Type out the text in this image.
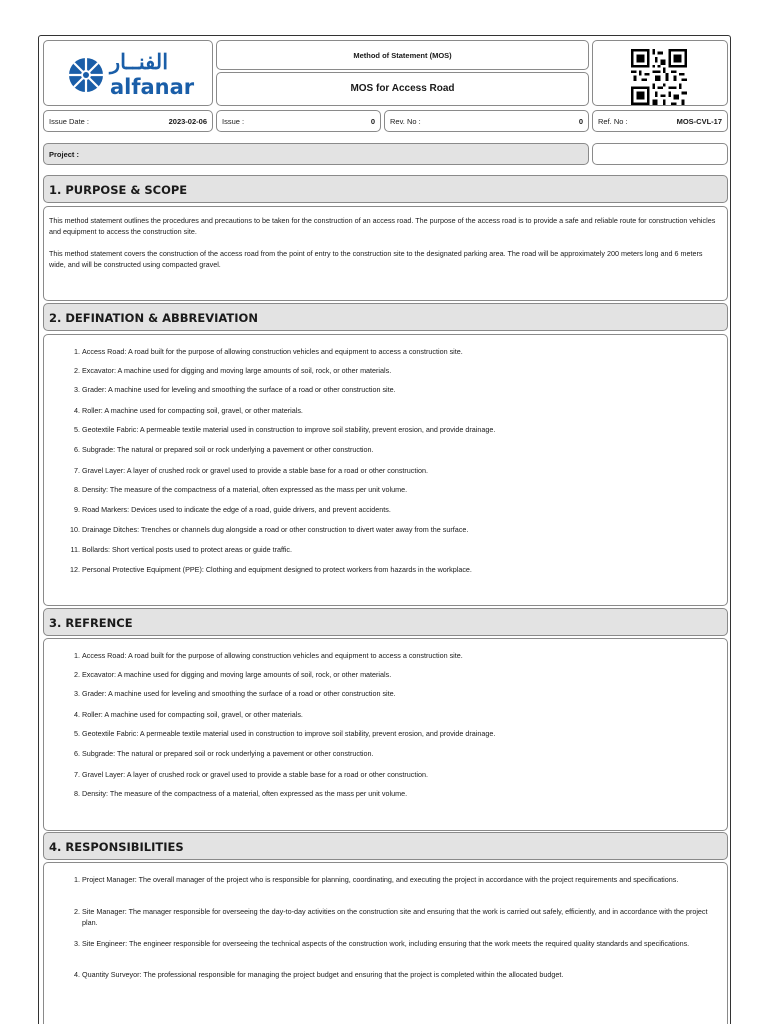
الفنــار
alfanar
Method of Statement (MOS)
MOS for Access Road
Issue Date :	2023-02-06 Issue :	0 Rev. No :	0 Ref. No :	MOS-CVL-17
Project :
1. PURPOSE & SCOPE
This method statement outlines the procedures and precautions to be taken for the construction of an access road. The purpose of the access road is to provide a safe and reliable route for construction vehicles and equipment to access the construction site.
This method statement covers the construction of the access road from the point of entry to the construction site to the designated parking area. The road will be approximately 200 meters long and 6 meters wide, and will be constructed using compacted gravel.
2. DEFINATION & ABBREVIATION
1. Access Road: A road built for the purpose of allowing construction vehicles and equipment to access a construction site.
2. Excavator: A machine used for digging and moving large amounts of soil, rock, or other materials.
3. Grader: A machine used for leveling and smoothing the surface of a road or other construction site.
4. Roller: A machine used for compacting soil, gravel, or other materials.
5. Geotextile Fabric: A permeable textile material used in construction to improve soil stability, prevent erosion, and provide drainage.
6. Subgrade: The natural or prepared soil or rock underlying a pavement or other construction.
7. Gravel Layer: A layer of crushed rock or gravel used to provide a stable base for a road or other construction.
8. Density: The measure of the compactness of a material, often expressed as the mass per unit volume.
9. Road Markers: Devices used to indicate the edge of a road, guide drivers, and prevent accidents.
10. Drainage Ditches: Trenches or channels dug alongside a road or other construction to divert water away from the surface.
11. Bollards: Short vertical posts used to protect areas or guide traffic.
12. Personal Protective Equipment (PPE): Clothing and equipment designed to protect workers from hazards in the workplace.
3. REFRENCE
1. Access Road: A road built for the purpose of allowing construction vehicles and equipment to access a construction site.
2. Excavator: A machine used for digging and moving large amounts of soil, rock, or other materials.
3. Grader: A machine used for leveling and smoothing the surface of a road or other construction site.
4. Roller: A machine used for compacting soil, gravel, or other materials.
5. Geotextile Fabric: A permeable textile material used in construction to improve soil stability, prevent erosion, and provide drainage.
6. Subgrade: The natural or prepared soil or rock underlying a pavement or other construction.
7. Gravel Layer: A layer of crushed rock or gravel used to provide a stable base for a road or other construction.
8. Density: The measure of the compactness of a material, often expressed as the mass per unit volume.
4. RESPONSIBILITIES
1. Project Manager: The overall manager of the project who is responsible for planning, coordinating, and executing the project in accordance with the project requirements and specifications.
2. Site Manager: The manager responsible for overseeing the day-to-day activities on the construction site and ensuring that the work is carried out safely, efficiently, and in accordance with the project plan.
3. Site Engineer: The engineer responsible for overseeing the technical aspects of the construction work, including ensuring that the work meets the required quality standards and specifications.
4. Quantity Surveyor: The professional responsible for managing the project budget and ensuring that the project is completed within the allocated budget.
